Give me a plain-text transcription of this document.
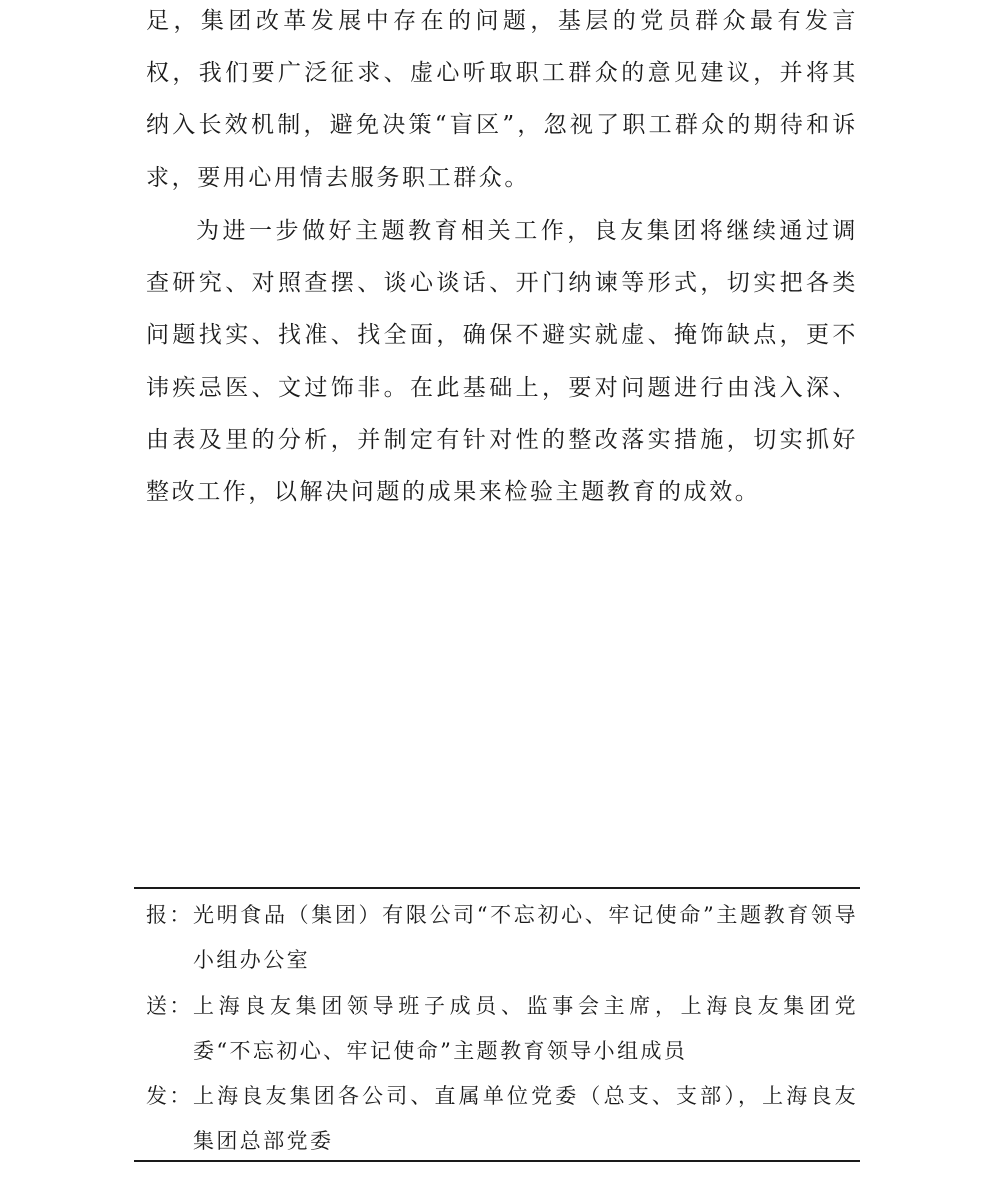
足，集团改革发展中存在的问题，基层的党员群众最有发言权，我们要广泛征求、虚心听取职工群众的意见建议，并将其纳入长效机制，避免决策“盲区”，忽视了职工群众的期待和诉求，要用心用情去服务职工群众。

为进一步做好主题教育相关工作，良友集团将继续通过调查研究、对照查摆、谈心谈话、开门纳谏等形式，切实把各类问题找实、找准、找全面，确保不避实就虚、掩饰缺点，更不讳疾忌医、文过饰非。在此基础上，要对问题进行由浅入深、由表及里的分析，并制定有针对性的整改落实措施，切实抓好整改工作，以解决问题的成果来检验主题教育的成效。

报： 光明食品（集团）有限公司“不忘初心、牢记使命”主题教育领导小组办公室
送： 上海良友集团领导班子成员、监事会主席，上海良友集团党委“不忘初心、牢记使命”主题教育领导小组成员
发： 上海良友集团各公司、直属单位党委（总支、支部），上海良友集团总部党委
